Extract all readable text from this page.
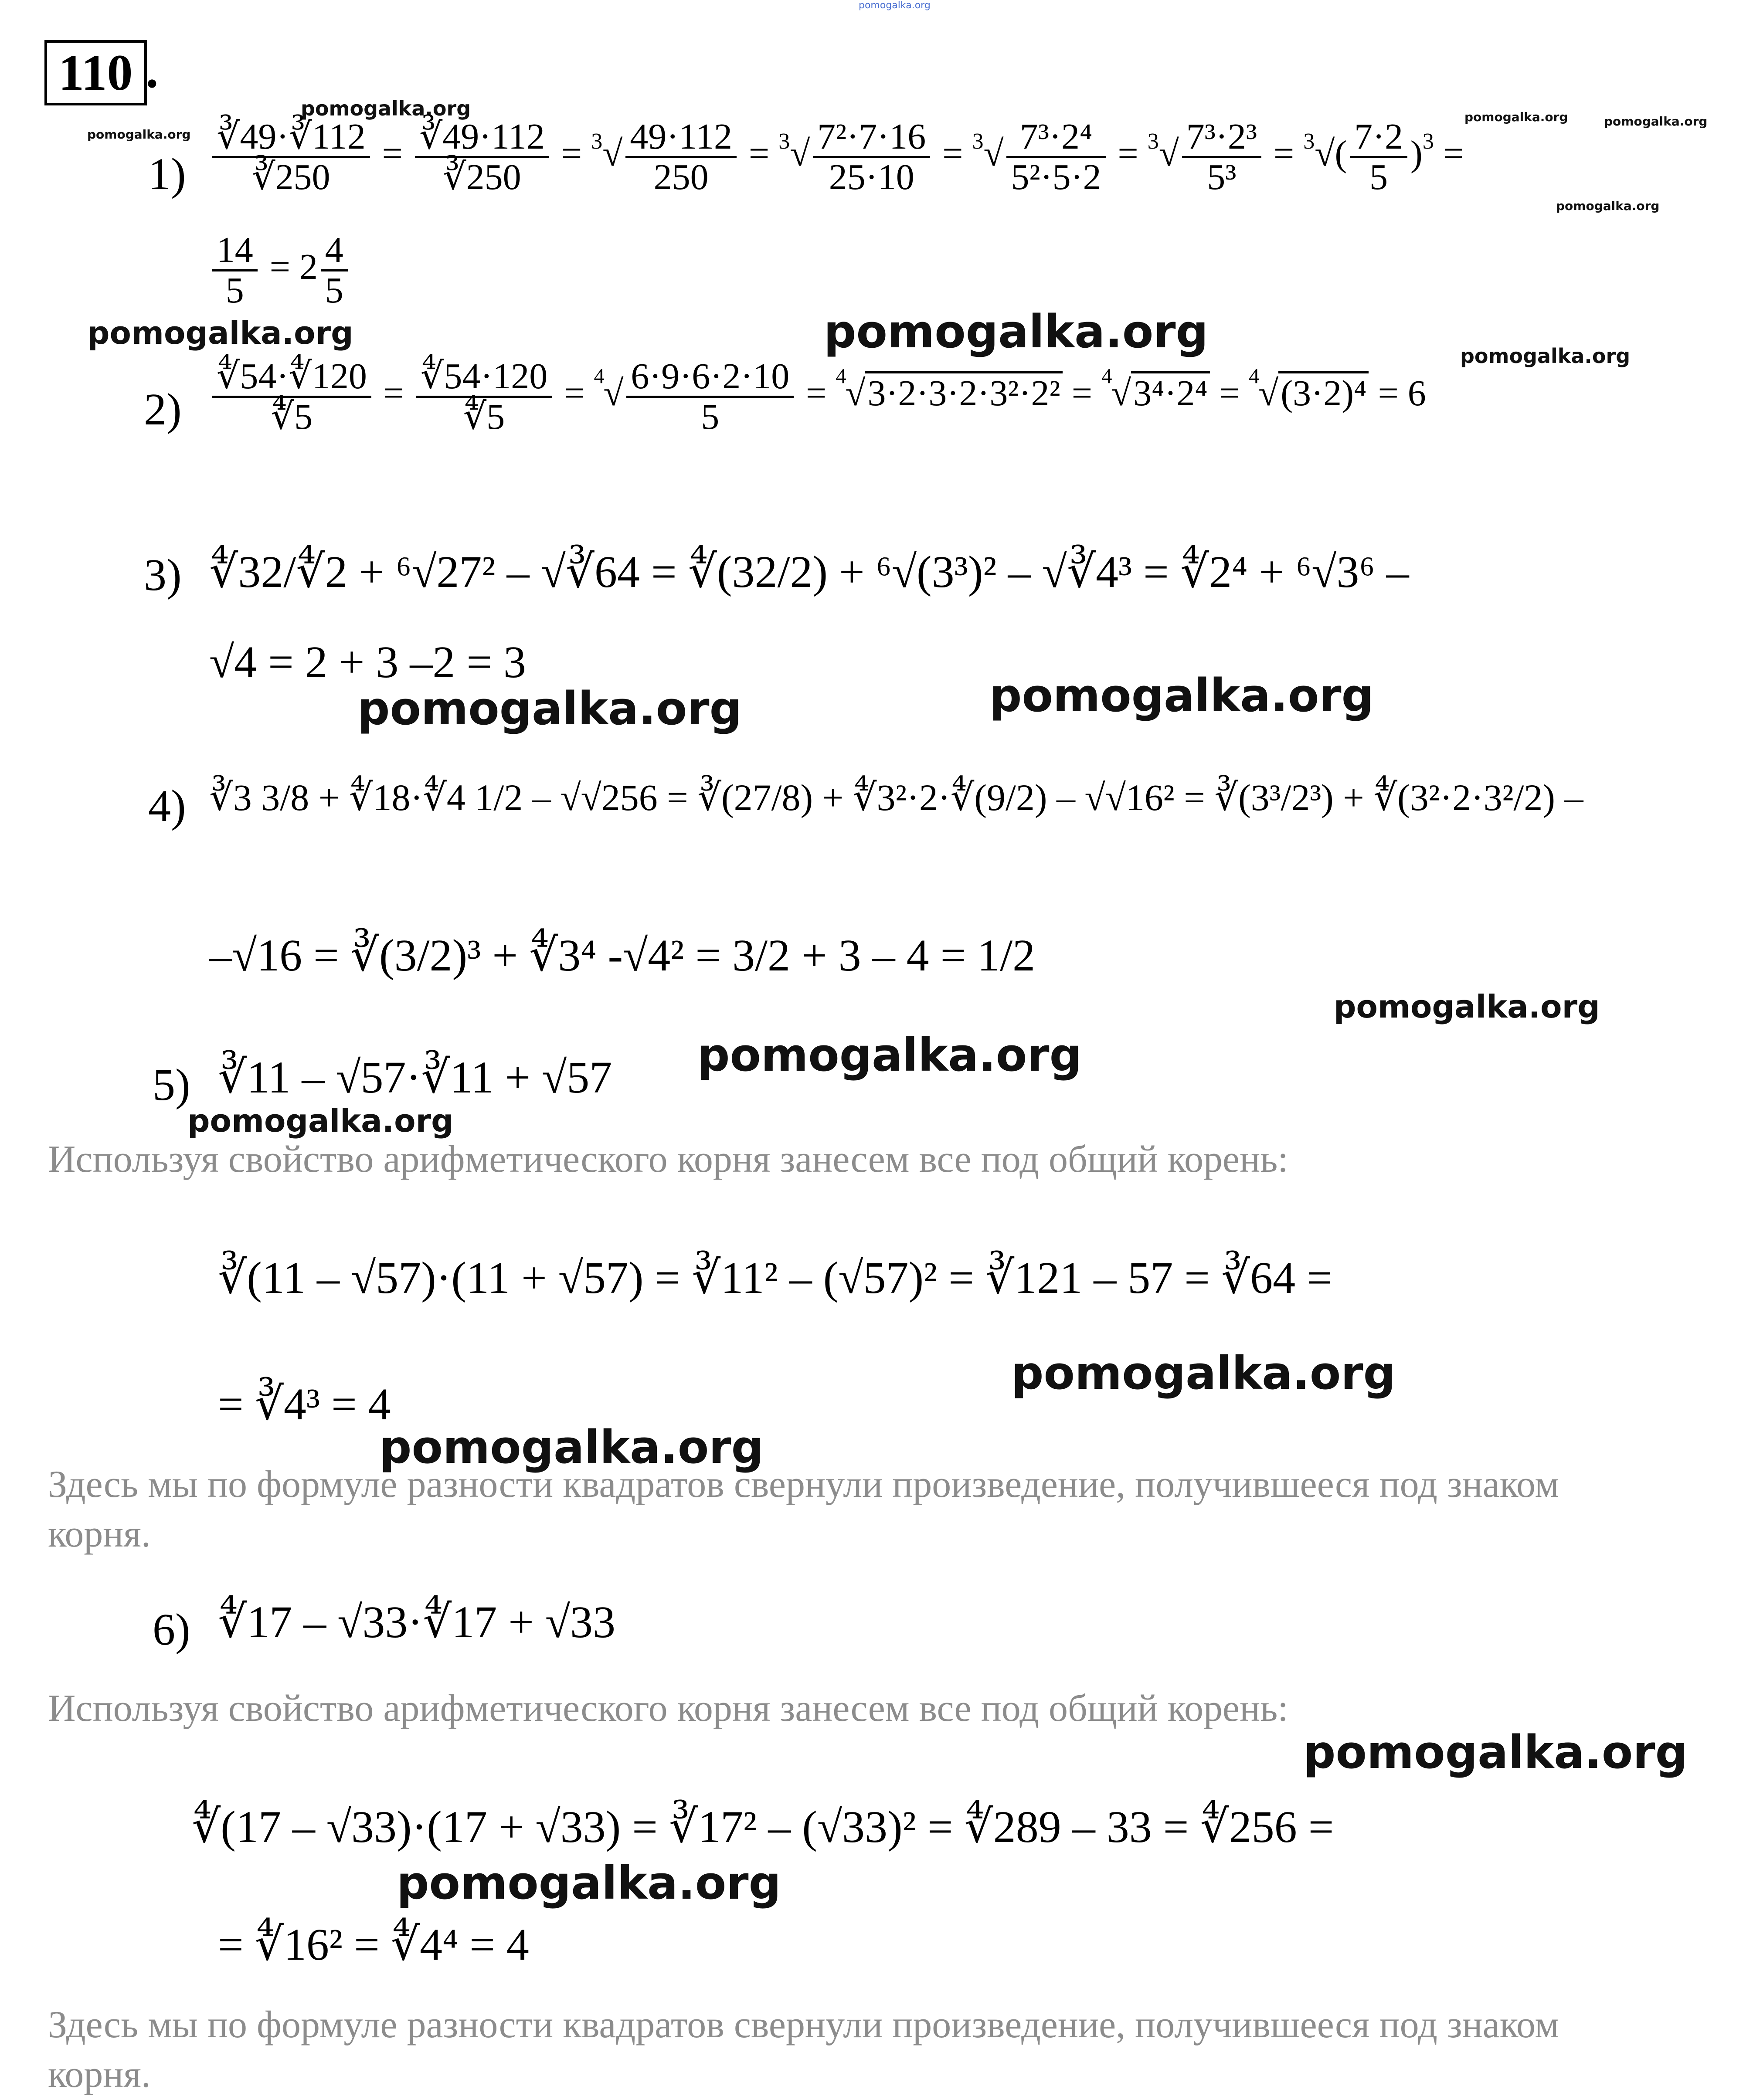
pomogalka.org
110 .
pomogalka.org
pomogalka.org
pomogalka.org	pomogalka.org
pomogalka.org
$1) \frac{∛49\cdot∛112}{∛250} = \frac{∛49\cdot 112}{∛250} = ^3√ \frac{49\cdot 112}{250} = ^3√ \frac{\text{7²·7·16}}{25\cdot 10} = ^3√ \frac{\text{7³·2⁴}}{\text{5²·5·2}} = ^3√ \frac{\text{7³·2³}}{\text{5³}} = ^3√( \frac{7\cdot 2}{5} )^3$ =
$\frac{14}{5} = 2 \frac{4}{5}$
pomogalka.org	pomogalka.org	pomogalka.org
$2) \frac{∜54\cdot∜120}{∜5} = \frac{∜54\cdot 120}{∜5} = ^4√ \frac{6\cdot 9\cdot 6\cdot 2\cdot 10}{5} = ^4√3\cdot 2\cdot 3\cdot 2\cdot 3^2\cdot 2^2 = ^4√3^4\cdot 2^4 = ^4√(3\cdot 2)^4 = 6$
3) ∜32/∜2 + ⁶√27² – √∛64 = ∜(32/2) + ⁶√(3³)² – √∛4³ = ∜2⁴ + ⁶√3⁶ –
√4 = 2 + 3 –2 = 3
pomogalka.org	pomogalka.org
4) ∛3 3/8 + ∜18·∜4 1/2 – √√256 = ∛(27/8) + ∜3²·2·∜(9/2) – √√16² = ∛(3³/2³) + ∜(3²·2·3²/2) –
–√16 = ∛(3/2)³ + ∜3⁴ -√4² = 3/2 + 3 – 4 = 1/2
pomogalka.org
5) ∛11 – √57·∛11 + √57 pomogalka.org
pomogalka.org
Используя свойство арифметического корня занесем все под общий корень:
∛(11 – √57)·(11 + √57) = ∛11² – (√57)² = ∛121 – 57 = ∛64 =
pomogalka.org
= ∛4³ = 4
pomogalka.org
Здесь мы по формуле разности квадратов свернули произведение, получившееся под знаком корня.
6) ∜17 – √33·∜17 + √33
Используя свойство арифметического корня занесем все под общий корень:
pomogalka.org
∜(17 – √33)·(17 + √33) = ∛17² – (√33)² = ∜289 – 33 = ∜256 =
pomogalka.org
= ∜16² = ∜4⁴ = 4
Здесь мы по формуле разности квадратов свернули произведение, получившееся под знаком корня.
